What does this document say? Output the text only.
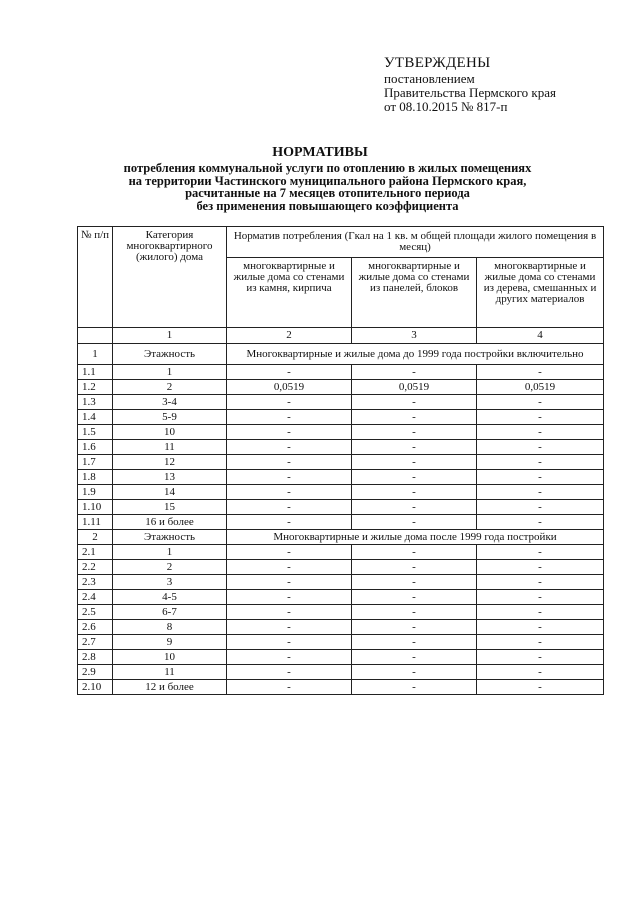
УТВЕРЖДЕНЫ
постановлением
Правительства Пермского края
от 08.10.2015 № 817-п
НОРМАТИВЫ
потребления коммунальной услуги по отоплению в жилых помещениях
на территории Частинского муниципального района Пермского края,
расчитанные на 7 месяцев отопительного периода
без применения повышающего коэффициента
№ п/п	Категория многоквартирного (жилого) дома	Норматив потребления (Гкал на 1 кв. м общей площади жилого помещения в месяц)		
		многоквартирные и жилые дома со стенами из камня, кирпича	многоквартирные и жилые дома со стенами из панелей, блоков	многоквартирные и жилые дома со стенами из дерева, смешанных и других материалов
	1	2	3	4
1	Этажность	Многоквартирные и жилые дома до 1999 года постройки включительно		
1.1	1	-	-	-
1.2	2	0,0519	0,0519	0,0519
1.3	3-4	-	-	-
1.4	5-9	-	-	-
1.5	10	-	-	-
1.6	11	-	-	-
1.7	12	-	-	-
1.8	13	-	-	-
1.9	14	-	-	-
1.10	15	-	-	-
1.11	16 и более	-	-	-
2	Этажность	Многоквартирные и жилые дома после 1999 года постройки		
2.1	1	-	-	-
2.2	2	-	-	-
2.3	3	-	-	-
2.4	4-5	-	-	-
2.5	6-7	-	-	-
2.6	8	-	-	-
2.7	9	-	-	-
2.8	10	-	-	-
2.9	11	-	-	-
2.10	12 и более	-	-	-
